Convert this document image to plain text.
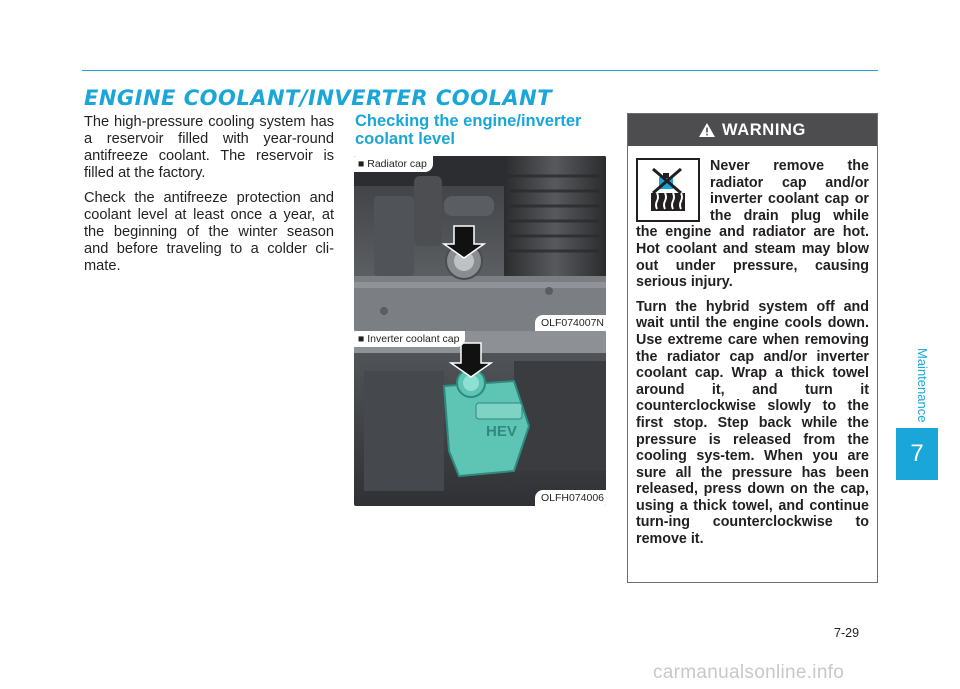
ENGINE COOLANT/INVERTER COOLANT

The high-pressure cooling system has a reservoir filled with year-round antifreeze coolant. The reservoir is filled at the factory.

Check the antifreeze protection and coolant level at least once a year, at the beginning of the winter season and before traveling to a colder cli-mate.

Checking the engine/inverter coolant level
■ Radiator cap
OLF074007N
HEV
■ Inverter coolant cap
OLFH074006
WARNING

Never remove the radiator cap and/or inverter coolant cap or the drain plug while the engine and radiator are hot. Hot coolant and steam may blow out under pressure, causing serious injury.

Turn the hybrid system off and wait until the engine cools down. Use extreme care when removing the radiator cap and/or inverter coolant cap. Wrap a thick towel around it, and turn it counterclockwise slowly to the first stop. Step back while the pressure is released from the cooling sys-tem. When you are sure all the pressure has been released, press down on the cap, using a thick towel, and continue turn-ing counterclockwise to remove it.

Maintenance
7
7-29
carmanualsonline.info
